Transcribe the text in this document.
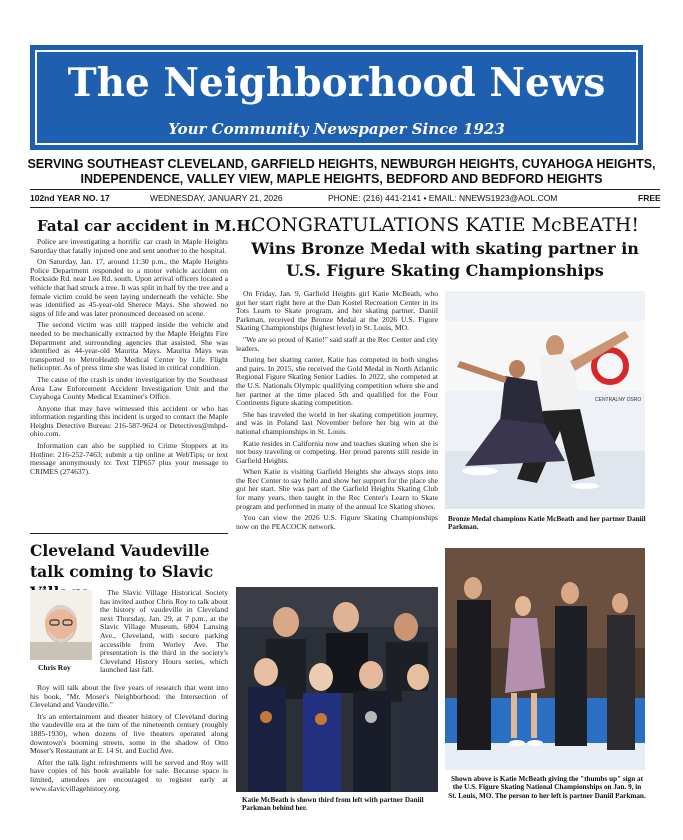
The Neighborhood News
Your Community Newspaper Since 1923
SERVING SOUTHEAST CLEVELAND, GARFIELD HEIGHTS, NEWBURGH HEIGHTS, CUYAHOGA HEIGHTS,
INDEPENDENCE, VALLEY VIEW, MAPLE HEIGHTS, BEDFORD AND BEDFORD HEIGHTS
102nd YEAR NO. 17	WEDNESDAY, JANUARY 21, 2026	PHONE: (216) 441-2141 • EMAIL: NNEWS1923@AOL.COM	FREE
Fatal car accident in M.H.

Police are investigating a horrific car crash in Maple Heights Saturday that fatally injured one and sent another to the hospital.

On Saturday, Jan. 17, around 11:30 p.m., the Maple Heights Police Department responded to a motor vehicle accident on Rockside Rd. near Lee Rd. south. Upon arrival officers located a vehicle that had struck a tree. It was split in half by the tree and a female victim could be seen laying underneath the vehicle. She was identified as 45-year-old Sherece Mays. She showed no signs of life and was later pronounced deceased on scene.

The second victim was still trapped inside the vehicle and needed to be mechanically extracted by the Maple Heights Fire Department and surrounding agencies that assisted. She was identified as 44-year-old Maurita Mays. Maurita Mays was transported to MetroHealth Medical Center by Life Flight helicopter. As of press time she was listed in critical condition.

The cause of the crash is under investigation by the Southeast Area Law Enforcement Accident Investigation Unit and the Cuyahoga County Medical Examiner's Office.

Anyone that may have witnessed this accident or who has information regarding this incident is urged to contact the Maple Heights Detective Bureau: 216-587-9624 or Detectives@mhpd-ohio.com.

Information can also be supplied to Crime Stoppers at its Hotline: 216-252-7463; submit a tip online at WebTips; or text message anonymously to: Text TIP657 plus your message to CRIMES (274637).

Cleveland Vaudeville talk coming to Slavic
Chris Roy

The Slavic Village Historical Society has invited author Chris Roy to talk about the history of vaudeville in Cleveland next Thursday, Jan. 29, at 7 p.m., at the Slavic Village Museum, 6804 Lansing Ave., Cleveland, with secure parking accessible from Worley Ave. The presentation is the third in the society's Cleveland History Hours series, which launched last fall.

Roy will talk about the five years of research that went into his book, "Mr. Moser's Neighborhood: the Intersection of Cleveland and Vaudeville."

It's an entertainment and theater history of Cleveland during the vaudeville era at the turn of the nineteenth century (roughly 1885-1930), when dozens of live theaters operated along downtown's booming streets, some in the shadow of Otto Moser's Restaurant at E. 14 St. and Euclid Ave.

After the talk light refreshments will be served and Roy will have copies of his book available for sale. Because space is limited, attendees are encouraged to register early at www.slavicvillagehistory.org.

CONGRATULATIONS KATIE McBEATH!
Wins Bronze Medal with skating partner in U.S. Figure Skating Championships

On Friday, Jan. 9, Garfield Heights girl Katie McBeath, who got her start right here at the Dan Kostel Recreation Center in its Tots Learn to Skate program, and her skating partner, Daniil Parkman, received the Bronze Medal at the 2026 U.S. Figure Skating Championships (highest level) in St. Louis, MO.

"We are so proud of Katie!" said staff at the Rec Center and city leaders.

During her skating career, Katie has competed in both singles and pairs. In 2015, she received the Gold Medal in North Atlantic Regional Figure Skating Senior Ladies. In 2022, she competed at the U.S. Nationals Olympic qualifying competition where she and her partner at the time placed 5th and qualified for the Four Continents figure skating competition.

She has traveled the world in her skating competition journey, and was in Poland last November before her big win at the national championships in St. Louis.

Katie resides in California now and teaches skating when she is not busy traveling or competing. Her proud parents still reside in Garfield Heights.

When Katie is visiting Garfield Heights she always stops into the Rec Center to say hello and show her support for the place she got her start. She was part of the Garfield Heights Skating Club for many years, then taught in the Rec Center's Learn to Skate program and performed in many of the annual Ice Skating shows.

You can view the 2026 U.S. Figure Skating Championships now on the PEACOCK network.

CENTRALNY OSRO
Bronze Medal champions Katie McBeath and her partner Daniil Parkman.
Katie McBeath is shown third from left with partner Daniil Parkman behind her.
Shown above is Katie McBeath giving the "thumbs up" sign at the U.S. Figure Skating National Championships on Jan. 9, in St. Louis, MO. The person to her left is partner Daniil Parkman.
